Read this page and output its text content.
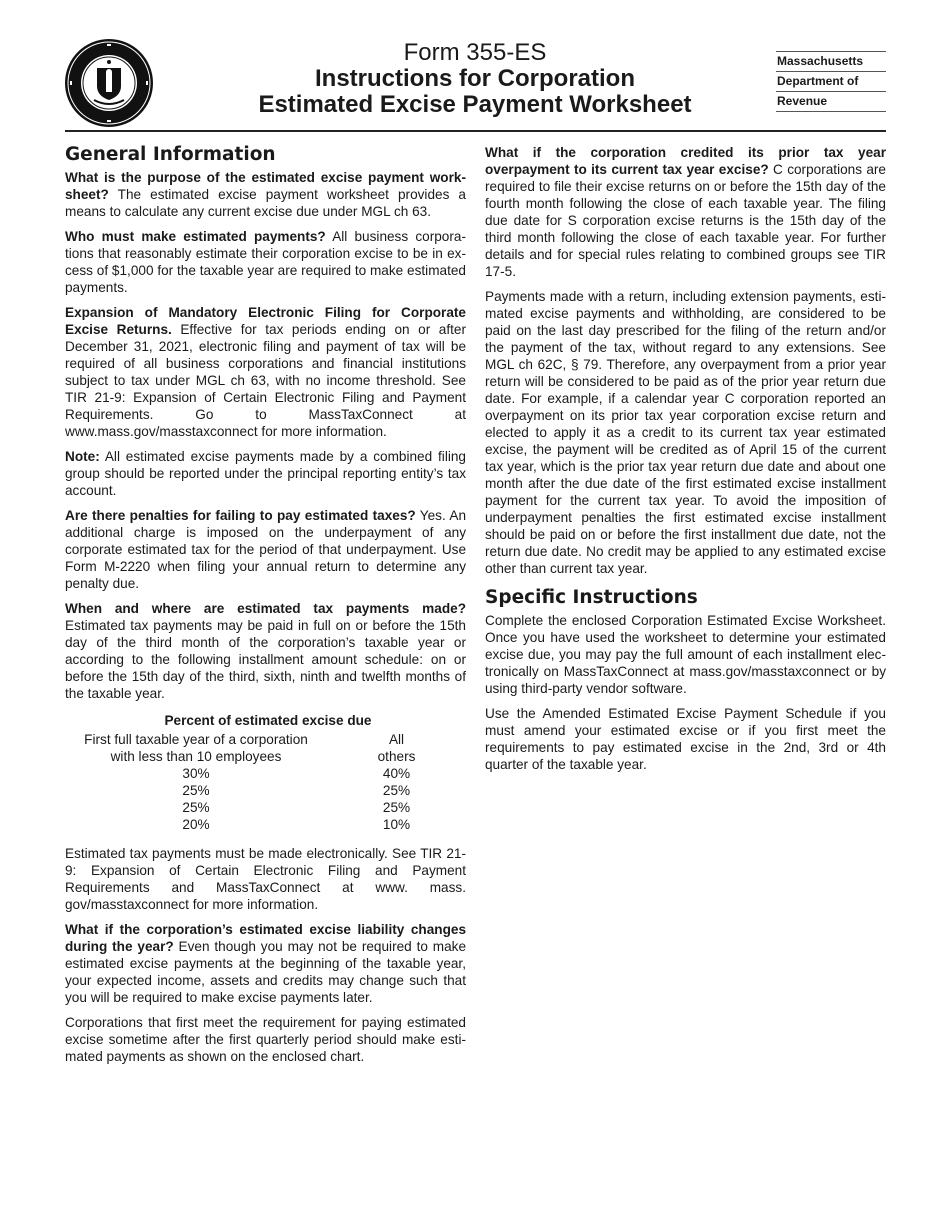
Form 355-ES
Instructions for Corporation
Estimated Excise Payment Worksheet
Massachusetts
Department of
Revenue
General Information

What is the purpose of the estimated excise payment worksheet? The estimated excise payment worksheet provides a means to calculate any current excise due under MGL ch 63.

Who must make estimated payments? All business corporations that reasonably estimate their corporation excise to be in excess of $1,000 for the taxable year are required to make estimated payments.

Expansion of Mandatory Electronic Filing for Corporate Excise Returns. Effective for tax periods ending on or after December 31, 2021, electronic filing and payment of tax will be required of all business corporations and financial institutions subject to tax under MGL ch 63, with no income threshold. See TIR 21-9: Expansion of Certain Electronic Filing and Payment Requirements. Go to MassTaxConnect at www.mass.gov/masstaxconnect for more information.

Note: All estimated excise payments made by a combined filing group should be reported under the principal reporting entity’s tax account.

Are there penalties for failing to pay estimated taxes? Yes. An additional charge is imposed on the underpayment of any corporate estimated tax for the period of that underpayment. Use Form M-2220 when filing your annual return to determine any penalty due.

When and where are estimated tax payments made? Estimated tax payments may be paid in full on or before the 15th day of the third month of the corporation’s taxable year or according to the following installment amount schedule: on or before the 15th day of the third, sixth, ninth and twelfth months of the taxable year.

Percent of estimated excise due
First full taxable year of a corporation	All
with less than 10 employees	others
30%	40%
25%	25%
25%	25%
20%	10%

Estimated tax payments must be made electronically. See TIR 21-9: Expansion of Certain Electronic Filing and Payment Requirements and MassTaxConnect at www. mass. gov/masstaxconnect for more information.

What if the corporation’s estimated excise liability changes during the year? Even though you may not be required to make estimated excise payments at the beginning of the taxable year, your expected income, assets and credits may change such that you will be required to make excise payments later.

Corporations that first meet the requirement for paying estimated excise sometime after the first quarterly period should make estimated payments as shown on the enclosed chart.

What if the corporation credited its prior tax year overpayment to its current tax year excise? C corporations are required to file their excise returns on or before the 15th day of the fourth month following the close of each taxable year. The filing due date for S corporation excise returns is the 15th day of the third month following the close of each taxable year. For further details and for special rules relating to combined groups see TIR 17-5.

Payments made with a return, including extension payments, estimated excise payments and withholding, are considered to be paid on the last day prescribed for the filing of the return and/or the payment of the tax, without regard to any extensions. See MGL ch 62C, § 79. Therefore, any overpayment from a prior year return will be considered to be paid as of the prior year return due date. For example, if a calendar year C corporation reported an overpayment on its prior tax year corporation excise return and elected to apply it as a credit to its current tax year estimated excise, the payment will be credited as of April 15 of the current tax year, which is the prior tax year return due date and about one month after the due date of the first estimated excise installment payment for the current tax year. To avoid the imposition of underpayment penalties the first estimated excise installment should be paid on or before the first installment due date, not the return due date. No credit may be applied to any estimated excise other than current tax year.

Specific Instructions

Complete the enclosed Corporation Estimated Excise Worksheet. Once you have used the worksheet to determine your estimated excise due, you may pay the full amount of each installment electronically on MassTaxConnect at mass.gov/masstaxconnect or by using third-party vendor software.

Use the Amended Estimated Excise Payment Schedule if you must amend your estimated excise or if you first meet the requirements to pay estimated excise in the 2nd, 3rd or 4th quarter of the taxable year.
